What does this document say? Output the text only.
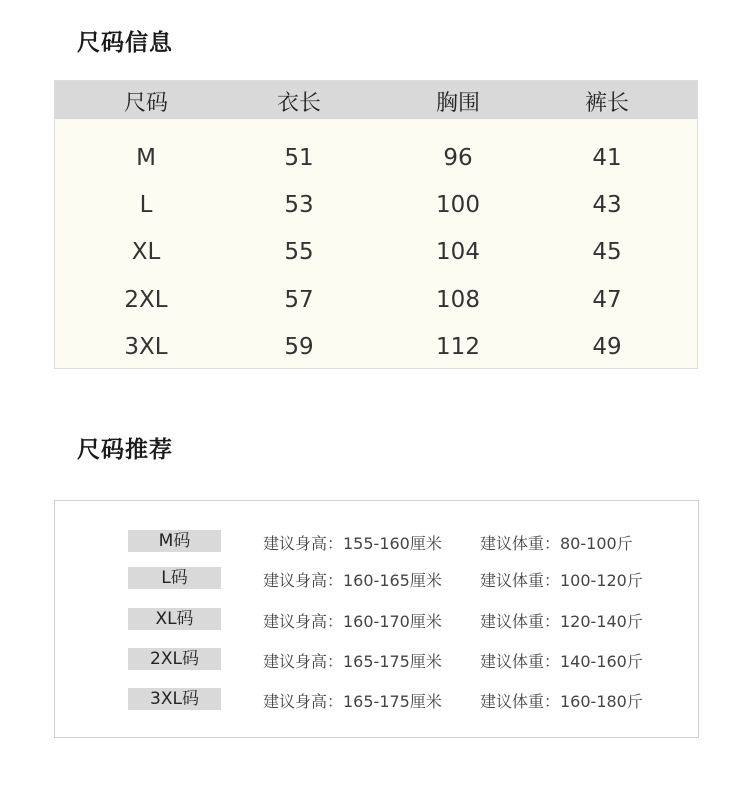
尺码信息
尺码	衣长	胸围	裤长
M	51	96	41
L	53	100	43
XL	55	104	45
2XL	57	108	47
3XL	59	112	49
尺码推荐
M码	建议身高：155-160厘米 建议体重：80-100斤
L码	建议身高：160-165厘米 建议体重：100-120斤
XL码	建议身高：160-170厘米 建议体重：120-140斤
2XL码	建议身高：165-175厘米 建议体重：140-160斤
3XL码	建议身高：165-175厘米 建议体重：160-180斤
